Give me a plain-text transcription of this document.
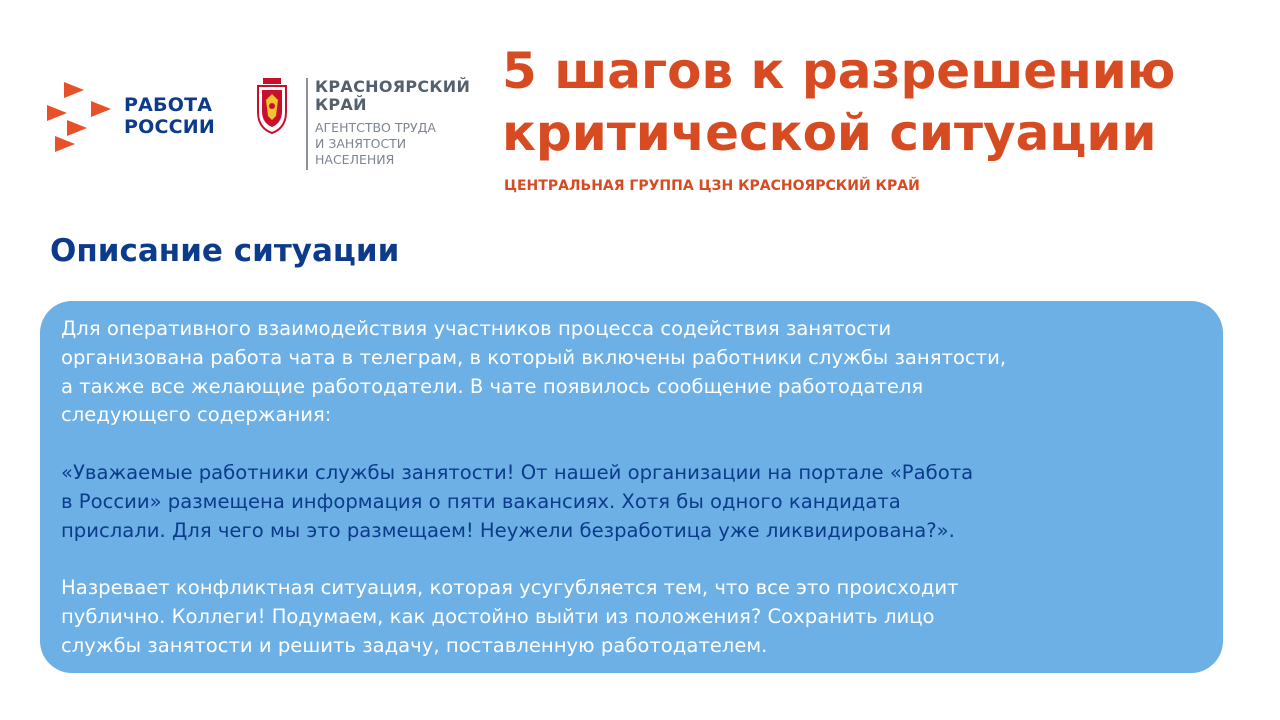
РАБОТА
РОССИИ
КРАСНОЯРСКИЙ
КРАЙ
АГЕНТСТВО ТРУДА
И ЗАНЯТОСТИ
НАСЕЛЕНИЯ
5 шагов к разрешению
критической ситуации
ЦЕНТРАЛЬНАЯ ГРУППА ЦЗН КРАСНОЯРСКИЙ КРАЙ
Описание ситуации
Для оперативного взаимодействия участников процесса содействия занятости
организована работа чата в телеграм, в который включены работники службы занятости,
а также все желающие работодатели. В чате появилось сообщение работодателя
следующего содержания:
«Уважаемые работники службы занятости! От нашей организации на портале «Работа
в России» размещена информация о пяти вакансиях. Хотя бы одного кандидата
прислали. Для чего мы это размещаем! Неужели безработица уже ликвидирована?».
Назревает конфликтная ситуация, которая усугубляется тем, что все это происходит
публично. Коллеги! Подумаем, как достойно выйти из положения? Сохранить лицо
службы занятости и решить задачу, поставленную работодателем.
